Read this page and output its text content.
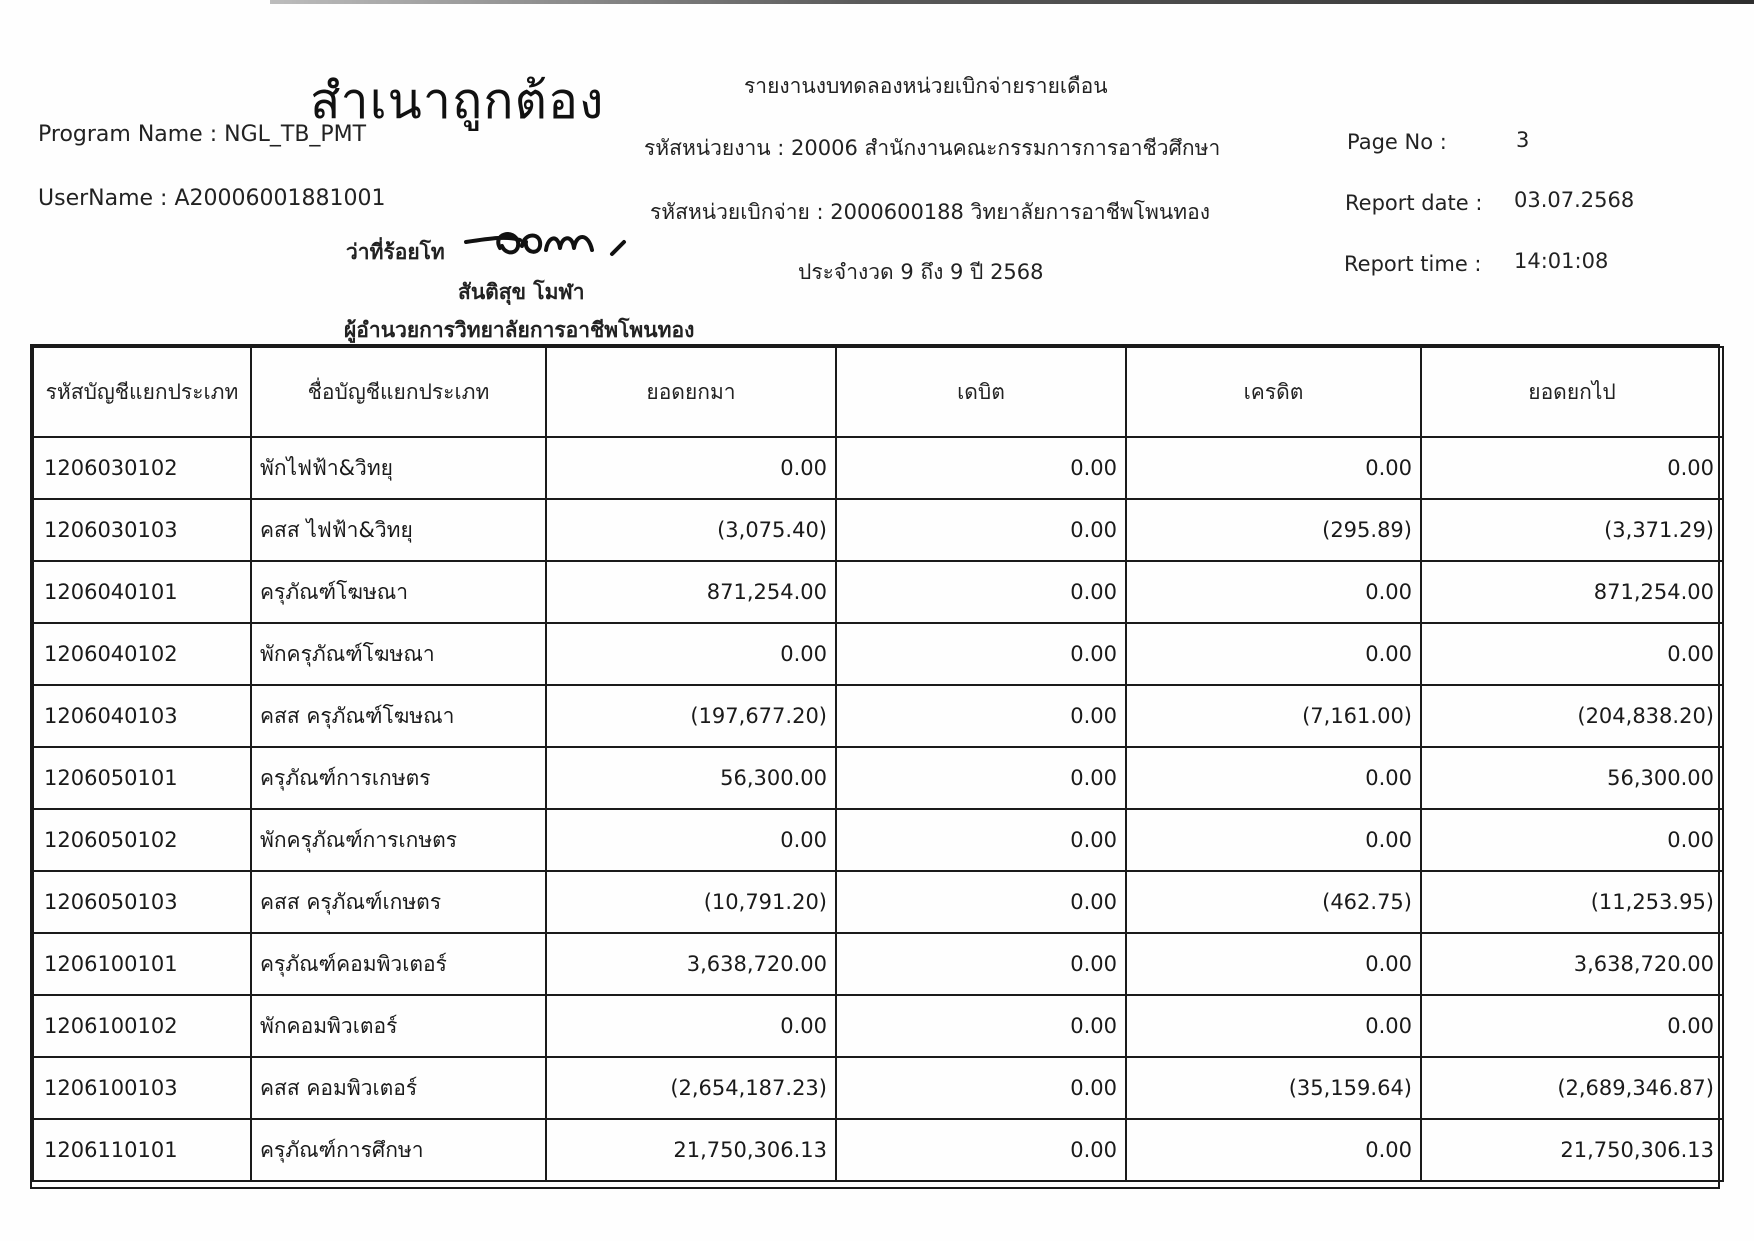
สำเนาถูกต้อง
Program Name : NGL_TB_PMT
UserName : A20006001881001
รายงานงบทดลองหน่วยเบิกจ่ายรายเดือน
รหัสหน่วยงาน : 20006 สำนักงานคณะกรรมการการอาชีวศึกษา
รหัสหน่วยเบิกจ่าย : 2000600188 วิทยาลัยการอาชีพโพนทอง
ประจำงวด 9 ถึง 9 ปี 2568
Page No :	3
Report date : 03.07.2568
Report time : 14:01:08
ว่าที่ร้อยโท
สันติสุข โมฬา
ผู้อำนวยการวิทยาลัยการอาชีพโพนทอง
รหัสบัญชีแยกประเภท	ชื่อบัญชีแยกประเภท	ยอดยกมา	เดบิต	เครดิต	ยอดยกไป
1206030102	พักไฟฟ้า&วิทยุ	0.00	0.00	0.00	0.00
1206030103	คสส ไฟฟ้า&วิทยุ	(3,075.40)	0.00	(295.89)	(3,371.29)
1206040101	ครุภัณฑ์โฆษณา	871,254.00	0.00	0.00	871,254.00
1206040102	พักครุภัณฑ์โฆษณา	0.00	0.00	0.00	0.00
1206040103	คสส ครุภัณฑ์โฆษณา	(197,677.20)	0.00	(7,161.00)	(204,838.20)
1206050101	ครุภัณฑ์การเกษตร	56,300.00	0.00	0.00	56,300.00
1206050102	พักครุภัณฑ์การเกษตร	0.00	0.00	0.00	0.00
1206050103	คสส ครุภัณฑ์เกษตร	(10,791.20)	0.00	(462.75)	(11,253.95)
1206100101	ครุภัณฑ์คอมพิวเตอร์	3,638,720.00	0.00	0.00	3,638,720.00
1206100102	พักคอมพิวเตอร์	0.00	0.00	0.00	0.00
1206100103	คสส คอมพิวเตอร์	(2,654,187.23)	0.00	(35,159.64)	(2,689,346.87)
1206110101	ครุภัณฑ์การศึกษา	21,750,306.13	0.00	0.00	21,750,306.13
